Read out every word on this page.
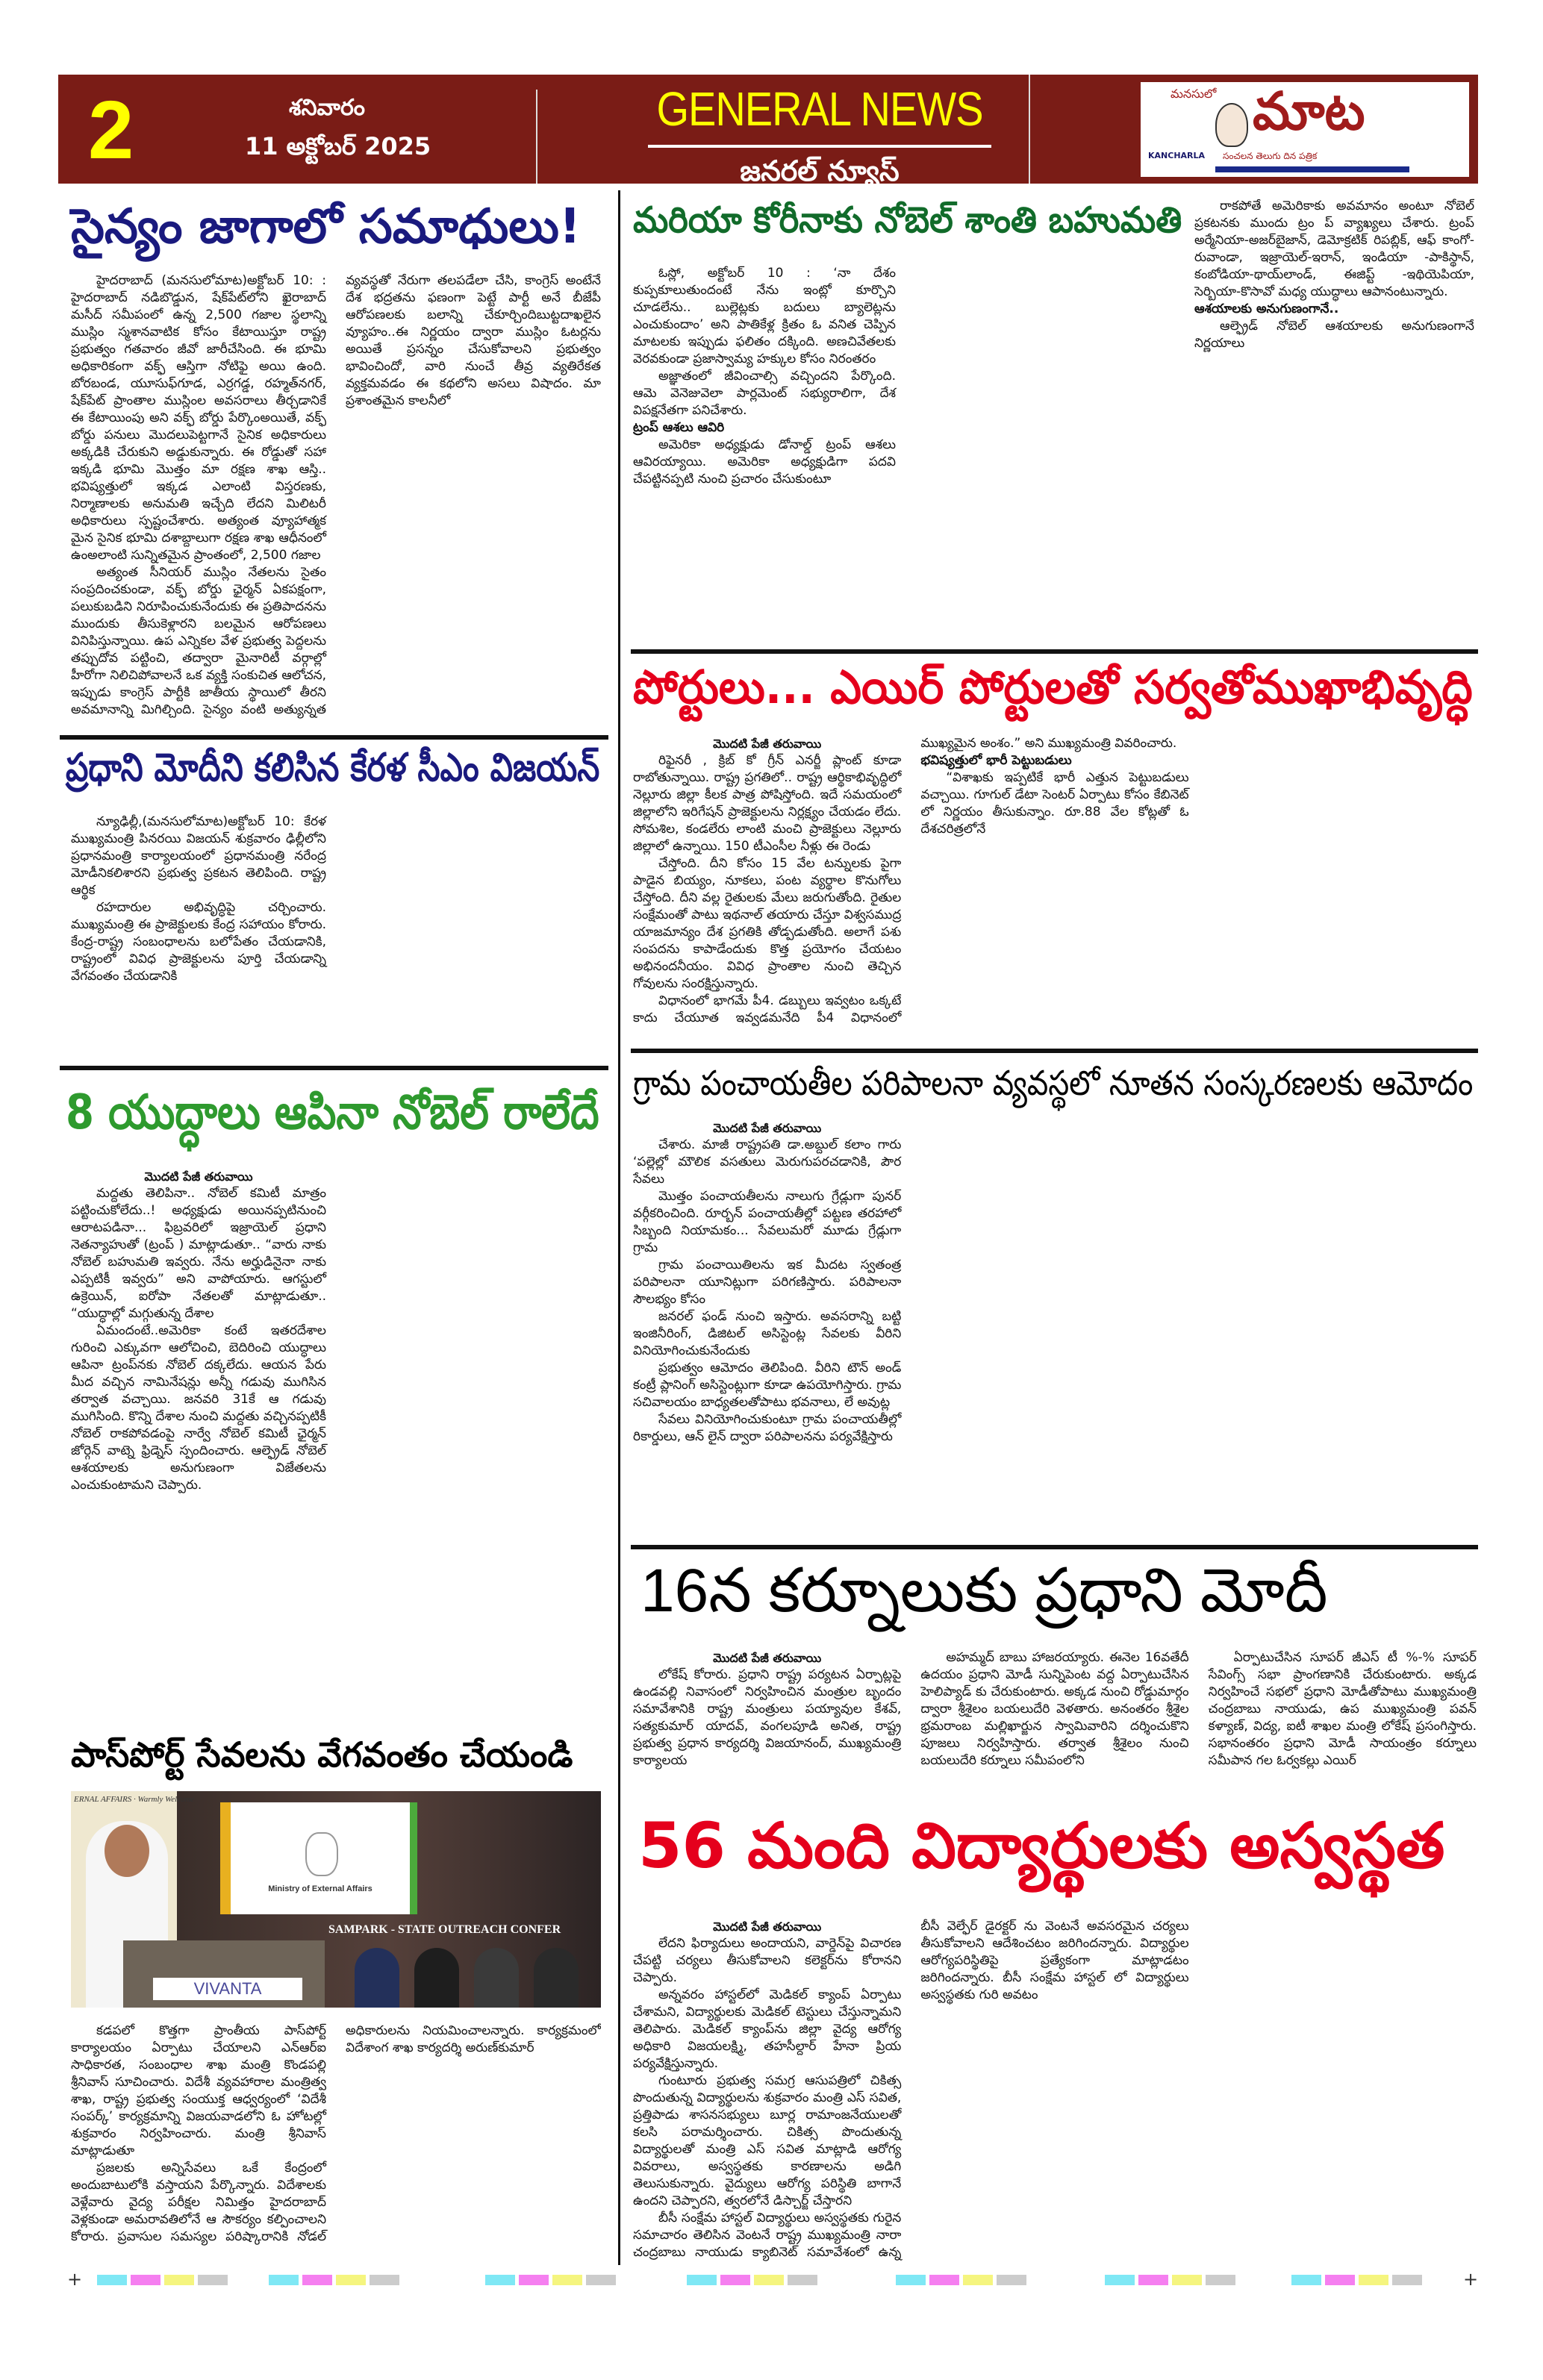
2	శనివారం
11 అక్టోబర్ 2025
GENERAL NEWS
జనరల్ న్యూస్
మనసులో మాట
KANCHARLA సంచలన తెలుగు దిన పత్రిక
సైన్యం జాగాలో సమాధులు!

హైదరాబాద్ (మనసులోమాట)అక్టోబర్ 10: : హైదరాబాద్ నడిబొడ్డున, షేక్‌పేట్‌లోని ఖైరాబాద్ మసీద్ సమీపంలో ఉన్న 2,500 గజాల స్థలాన్ని ముస్లిం స్మశానవాటిక కోసం కేటాయిస్తూ రాష్ట్ర ప్రభుత్వం గతవారం జీవో జారీచేసింది. ఈ భూమి అధికారికంగా వక్ఫ్ ఆస్తిగా నోటిఫై అయి ఉంది. బోరబండ, యూసుఫ్‌గూడ, ఎర్రగడ్డ, రహ్మత్‌నగర్, షేక్‌పేట్ ప్రాంతాల ముస్లింల అవసరాలు తీర్చడానికే ఈ కేటాయింపు అని వక్ఫ్ బోర్డు పేర్కొంఅయితే, వక్ఫ్ బోర్డు పనులు మొదలుపెట్టగానే సైనిక అధికారులు అక్కడికి చేరుకుని అడ్డుకున్నారు. ఈ రోడ్డుతో సహా ఇక్కడి భూమి మొత్తం మా రక్షణ శాఖ ఆస్తి.. భవిష్యత్తులో ఇక్కడ ఎలాంటి విస్తరణకు, నిర్మాణాలకు అనుమతి ఇచ్చేది లేదని మిలిటరీ అధికారులు స్పష్టంచేశారు. అత్యంత వ్యూహాత్మక మైన సైనిక భూమి దశాబ్దాలుగా రక్షణ శాఖ ఆధీనంలో ఉంఅలాంటి సున్నితమైన ప్రాంతంలో, 2,500 గజాల

అత్యంత సీనియర్ ముస్లిం నేతలను సైతం సంప్రదించకుండా, వక్ఫ్ బోర్డు ఛైర్మన్ ఏకపక్షంగా, పలుకుబడిని నిరూపించుకునేందుకు ఈ ప్రతిపాదనను ముందుకు తీసుకెళ్లారని బలమైన ఆరోపణలు వినిపిస్తున్నాయి. ఉప ఎన్నికల వేళ ప్రభుత్వ పెద్దలను తప్పుదోవ పట్టించి, తద్వారా మైనారిటీ వర్గాల్లో హీరోగా నిలిచిపోవాలనే ఒక వ్యక్తి సంకుచిత ఆలోచన, ఇప్పుడు కాంగ్రెస్ పార్టీకి జాతీయ స్థాయిలో తీరని అవమానాన్ని మిగిల్చింది. సైన్యం వంటి అత్యున్నత వ్యవస్థతో నేరుగా తలపడేలా చేసి, కాంగ్రెస్ అంటేనే దేశ భద్రతను ఫణంగా పెట్టే పార్టీ అనే బీజేపీ ఆరోపణలకు బలాన్ని చేకూర్చిందిబుట్టదాఖలైన వ్యూహం..ఈ నిర్ణయం ద్వారా ముస్లిం ఓటర్లను అయితే ప్రసన్నం చేసుకోవాలని ప్రభుత్వం భావించిందో, వారి నుంచే తీవ్ర వ్యతిరేకత వ్యక్తమవడం ఈ కథలోని అసలు విషాదం. మా ప్రశాంతమైన కాలనీలో

ప్రధాని మోదీని కలిసిన కేరళ సీఎం విజయన్

న్యూఢిల్లీ,(మనసులోమాట)అక్టోబర్ 10: కేరళ ముఖ్యమంత్రి పినరయి విజయన్ శుక్రవారం ఢిల్లీలోని ప్రధానమంత్రి కార్యాలయంలో ప్రధానమంత్రి నరేంద్ర మోడీనికలిశారని ప్రభుత్వ ప్రకటన తెలిపింది. రాష్ట్ర ఆర్థిక

రహదారుల అభివృద్ధిపై చర్చించారు. ముఖ్యమంత్రి ఈ ప్రాజెక్టులకు కేంద్ర సహాయం కోరారు. కేంద్ర-రాష్ట్ర సంబంధాలను బలోపేతం చేయడానికి, రాష్ట్రంలో వివిధ ప్రాజెక్టులను పూర్తి చేయడాన్ని వేగవంతం చేయడానికి

8 యుద్ధాలు ఆపినా నోబెల్ రాలేదే

మొదటి పేజీ తరువాయి

మద్దతు తెలిపినా.. నోబెల్ కమిటీ మాత్రం పట్టించుకోలేదు..! అధ్యక్షుడు అయినప్పటినుంచి ఆరాటపడినా... ఫిబ్రవరిలో ఇజ్రాయెల్ ప్రధాని నెతన్యాహుతో (ట్రంప్ ) మాట్లాడుతూ.. “వారు నాకు నోబెల్ బహుమతి ఇవ్వరు. నేను అర్హుడినైనా నాకు ఎప్పటికీ ఇవ్వరు” అని వాపోయారు. ఆగస్టులో ఉక్రెయిన్, ఐరోపా నేతలతో మాట్లాడుతూ.. “యుద్ధాల్లో మగ్గుతున్న దేశాల

ఏమందంటే..అమెరికా కంటే ఇతరదేశాల గురించి ఎక్కువగా ఆలోచించి, బెదిరించి యుద్ధాలు ఆపినా ట్రంప్‌నకు నోబెల్ దక్కలేదు. ఆయన పేరు మీద వచ్చిన నామినేషన్లు అన్నీ గడువు ముగిసిన తర్వాత వచ్చాయి. జనవరి 31కే ఆ గడువు ముగిసింది. కొన్ని దేశాల నుంచి మద్దతు వచ్చినప్పటికీ నోబెల్ రాకపోవడంపై నార్వే నోబెల్ కమిటీ ఛైర్మన్ జోర్గెన్ వాట్నె ఫ్రిడ్నెస్ స్పందించారు. ఆల్ఫ్రెడ్ నోబెల్ ఆశయాలకు అనుగుణంగా విజేతలను ఎంచుకుంటామని చెప్పారు.

పాస్‌పోర్ట్ సేవలను వేగవంతం చేయండి
ERNAL AFFAIRS · Warmly Welcome
Ministry of External Affairs
SAMPARK - STATE OUTREACH CONFER
VIVANTA

కడపలో కొత్తగా ప్రాంతీయ పాస్‌పోర్ట్ కార్యాలయం ఏర్పాటు చేయాలని ఎన్ఆర్ఐ సాధికారత, సంబంధాల శాఖ మంత్రి కొండపల్లి శ్రీనివాస్ సూచించారు. విదేశీ వ్యవహారాల మంత్రిత్వ శాఖ, రాష్ట్ర ప్రభుత్వ సంయుక్త ఆధ్వర్యంలో ‘విదేశీ సంపర్క్’ కార్యక్రమాన్ని విజయవాడలోని ఓ హోటల్లో శుక్రవారం నిర్వహించారు. మంత్రి శ్రీనివాస్ మాట్లాడుతూ

ప్రజలకు అన్నిసేవలు ఒకే కేంద్రంలో అందుబాటులోకి వస్తాయని పేర్కొన్నారు. విదేశాలకు వెళ్లేవారు వైద్య పరీక్షల నిమిత్తం హైదరాబాద్ వెళ్లకుండా అమరావతిలోనే ఆ సౌకర్యం కల్పించాలని కోరారు. ప్రవాసుల సమస్యల పరిష్కారానికి నోడల్ అధికారులను నియమించాలన్నారు. కార్యక్రమంలో విదేశాంగ శాఖ కార్యదర్శి అరుణ్‌కుమార్

మరియా కోరీనాకు నోబెల్ శాంతి బహుమతి

ఓస్లో, అక్టోబర్ 10 : ‘నా దేశం కుప్పకూలుతుందంటే నేను ఇంట్లో కూర్చొని చూడలేను.. బుల్లెట్లకు బదులు బ్యాలెట్లను ఎంచుకుందాం’ అని పాతికేళ్ల క్రితం ఓ వనిత చెప్పిన మాటలకు ఇప్పుడు ఫలితం దక్కింది. అణచివేతలకు వెరవకుండా ప్రజాస్వామ్య హక్కుల కోసం నిరంతరం

అజ్ఞాతంలో జీవించాల్సి వచ్చిందని పేర్కొంది. ఆమె వెనెజువెలా పార్లమెంట్ సభ్యురాలిగా, దేశ విపక్షనేతగా పనిచేశారు.

ట్రంప్ ఆశలు ఆవిరి

అమెరికా అధ్యక్షుడు డోనాల్డ్ ట్రంప్ ఆశలు ఆవిరయ్యాయి. అమెరికా అధ్యక్షుడిగా పదవి చేపట్టినప్పటి నుంచి ప్రచారం చేసుకుంటూ

రాకపోతే అమెరికాకు అవమానం అంటూ నోబెల్ ప్రకటనకు ముందు ట్రం ప్ వ్యాఖ్యలు చేశారు. ట్రంప్ అర్మేనియా-అజర్‌బైజాన్, డెమోక్రటిక్ రిపబ్లిక్, ఆఫ్ కాంగో-రువాండా, ఇజ్రాయెల్-ఇరాన్, ఇండియా -పాకిస్థాన్, కంబోడియా-థాయ్‌లాండ్, ఈజిప్ట్ -ఇథియెపియా, సెర్బియా-కొసావో మధ్య యుద్ధాలు ఆపానంటున్నారు.

ఆశయాలకు అనుగుణంగానే..

ఆల్ఫ్రెడ్ నోబెల్ ఆశయాలకు అనుగుణంగానే నిర్ణయాలు

పోర్టులు... ఎయిర్ పోర్టులతో సర్వతోముఖాభివృద్ధి

మొదటి పేజీ తరువాయి

రిఫైనరీ , క్రిబ్ కో గ్రీన్ ఎనర్జీ ప్లాంట్ కూడా రాబోతున్నాయి. రాష్ట్ర ప్రగతిలో.. రాష్ట్ర ఆర్థికాభివృద్ధిలో నెల్లూరు జిల్లా కీలక పాత్ర పోషిస్తోంది. ఇదే సమయంలో జిల్లాలోని ఇరిగేషన్ ప్రాజెక్టులను నిర్లక్ష్యం చేయడం లేదు. సోమశిల, కండలేరు లాంటి మంచి ప్రాజెక్టులు నెల్లూరు జిల్లాలో ఉన్నాయి. 150 టీఎంసీల నీళ్లు ఈ రెండు

చేస్తోంది. దీని కోసం 15 వేల టన్నులకు పైగా పాడైన బియ్యం, నూకలు, పంట వ్యర్థాల కొనుగోలు చేస్తోంది. దీని వల్ల రైతులకు మేలు జరుగుతోంది. రైతుల సంక్షేమంతో పాటు ఇథనాల్ తయారు చేస్తూ విశ్వసముద్ర యాజమాన్యం దేశ ప్రగతికి తోడ్పడుతోంది. అలాగే పశు సంపదను కాపాడేందుకు కొత్త ప్రయోగం చేయటం అభినందనీయం. వివిధ ప్రాంతాల నుంచి తెచ్చిన గోవులను సంరక్షిస్తున్నారు.

విధానంలో భాగమే పీ4. డబ్బులు ఇవ్వటం ఒక్కటే కాదు చేయూత ఇవ్వడమనేది పీ4 విధానంలో ముఖ్యమైన అంశం.” అని ముఖ్యమంత్రి వివరించారు.

భవిష్యత్తులో భారీ పెట్టుబడులు

“విశాఖకు ఇప్పటికే భారీ ఎత్తున పెట్టుబడులు వచ్చాయి. గూగుల్ డేటా సెంటర్ ఏర్పాటు కోసం కేబినెట్ లో నిర్ణయం తీసుకున్నాం. రూ.88 వేల కోట్లతో ఓ దేశచరిత్రలోనే

గ్రామ పంచాయతీల పరిపాలనా వ్యవస్థలో నూతన సంస్కరణలకు ఆమోదం

మొదటి పేజీ తరువాయి

చేశారు. మాజీ రాష్ట్రపతి డా.అబ్దుల్ కలాం గారు ‘పల్లెల్లో మౌలిక వసతులు మెరుగుపరచడానికి, పౌర సేవలు

మొత్తం పంచాయతీలను నాలుగు గ్రేడ్లుగా పునర్ వర్గీకరించింది. రూర్బన్ పంచాయతీల్లో పట్టణ తరహాలో సిబ్బంది నియామకం... సేవలుమరో మూడు గ్రేడ్లుగా గ్రామ

గ్రామ పంచాయితిలను ఇక మీదట స్వతంత్ర పరిపాలనా యూనిట్లుగా పరిగణిస్తారు. పరిపాలనా సౌలభ్యం కోసం

జనరల్ ఫండ్ నుంచి ఇస్తారు. అవసరాన్ని బట్టి ఇంజినీరింగ్, డిజిటల్ అసిస్టెంట్ల సేవలకు వీరిని వినియోగించుకునేందుకు

ప్రభుత్వం ఆమోదం తెలిపింది. వీరిని టౌన్ అండ్ కంట్రీ ప్లానింగ్ అసిస్టెంట్లుగా కూడా ఉపయోగిస్తారు. గ్రామ సచివాలయం బాధ్యతలతోపాటు భవనాలు, లే అవుట్ల

సేవలు వినియోగించుకుంటూ గ్రామ పంచాయతీల్లో రికార్డులు, ఆన్ లైన్ ద్వారా పరిపాలనను పర్యవేక్షిస్తారు

16న కర్నూలుకు ప్రధాని మోదీ

మొదటి పేజీ తరువాయి

లోకేష్ కోరారు. ప్రధాని రాష్ట్ర పర్యటన ఏర్పాట్లపై ఉండవల్లి నివాసంలో నిర్వహించిన మంత్రుల బృందం సమావేశానికి రాష్ట్ర మంత్రులు పయ్యావుల కేశవ్, సత్యకుమార్ యాదవ్, వంగలపూడి అనిత, రాష్ట్ర ప్రభుత్వ ప్రధాన కార్యదర్శి విజయానంద్, ముఖ్యమంత్రి కార్యాలయ

అహమ్మద్ బాబు హాజరయ్యారు. ఈనెల 16వతేదీ ఉదయం ప్రధాని మోడీ సున్నిపెంట వద్ద ఏర్పాటుచేసిన హెలిప్యాడ్ కు చేరుకుంటారు. అక్కడ నుంచి రోడ్డుమార్గం ద్వారా శ్రీశైలం బయలుదేరి వెళతారు. అనంతరం శ్రీశైల భ్రమరాంబ మల్లిఖార్జున స్వామివారిని దర్శించుకొని పూజలు నిర్వహిస్తారు. తర్వాత శ్రీశైలం నుంచి బయలుదేరి కర్నూలు సమీపంలోని

ఏర్పాటుచేసిన సూపర్ జీఎస్ టీ %-% సూపర్ సేవింగ్స్ సభా ప్రాంగణానికి చేరుకుంటారు. అక్కడ నిర్వహించే సభలో ప్రధాని మోడీతోపాటు ముఖ్యమంత్రి చంద్రబాబు నాయుడు, ఉప ముఖ్యమంత్రి పవన్ కళ్యాణ్, విద్య, ఐటీ శాఖల మంత్రి లోకేష్ ప్రసంగిస్తారు. సభానంతరం ప్రధాని మోడీ సాయంత్రం కర్నూలు సమీపాన గల ఓర్వకల్లు ఎయిర్

56 మంది విద్యార్థులకు అస్వస్థత

మొదటి పేజీ తరువాయి

లేదని ఫిర్యాదులు అందాయని, వార్డెన్‌పై విచారణ చేపట్టి చర్యలు తీసుకోవాలని కలెక్టర్‌ను కోరానని చెప్పారు.

అన్నవరం హాస్టల్‌లో మెడికల్ క్యాంప్ ఏర్పాటు చేశామని, విద్యార్థులకు మెడికల్ టెస్టులు చేస్తున్నామని తెలిపారు. మెడికల్ క్యాంప్‌ను జిల్లా వైద్య ఆరోగ్య అధికారి విజయలక్ష్మి, తహసీల్దార్ హేనా ప్రియ పర్యవేక్షిస్తున్నారు.

గుంటూరు ప్రభుత్వ సమగ్ర ఆసుపత్రిలో చికిత్స పొందుతున్న విద్యార్థులను శుక్రవారం మంత్రి ఎస్ సవిత, ప్రత్తిపాడు శాసనసభ్యులు బూర్ల రామాంజనేయులతో కలసి పరామర్శించారు. చికిత్స పొందుతున్న విద్యార్థులతో మంత్రి ఎస్ సవిత మాట్లాడి ఆరోగ్య వివరాలు, అస్వస్థతకు కారణాలను అడిగి తెలుసుకున్నారు. వైద్యులు ఆరోగ్య పరిస్థితి బాగానే ఉందని చెప్పారని, త్వరలోనే డిస్చార్జ్ చేస్తారని

బీసీ సంక్షేమ హాస్టల్ విద్యార్థులు అస్వస్థతకు గురైన సమాచారం తెలిసిన వెంటనే రాష్ట్ర ముఖ్యమంత్రి నారా చంద్రబాబు నాయుడు క్యాబినెట్ సమావేశంలో ఉన్న బీసీ వెల్ఫేర్ డైరక్టర్ ను వెంటనే అవసరమైన చర్యలు తీసుకోవాలని ఆదేశించటం జరిగిందన్నారు. విద్యార్థుల ఆరోగ్యపరిస్థితిపై ప్రత్యేకంగా మాట్లాడటం జరిగిందన్నారు. బీసీ సంక్షేమ హాస్టల్ లో విద్యార్థులు అస్వస్థతకు గురి అవటం

+	+
